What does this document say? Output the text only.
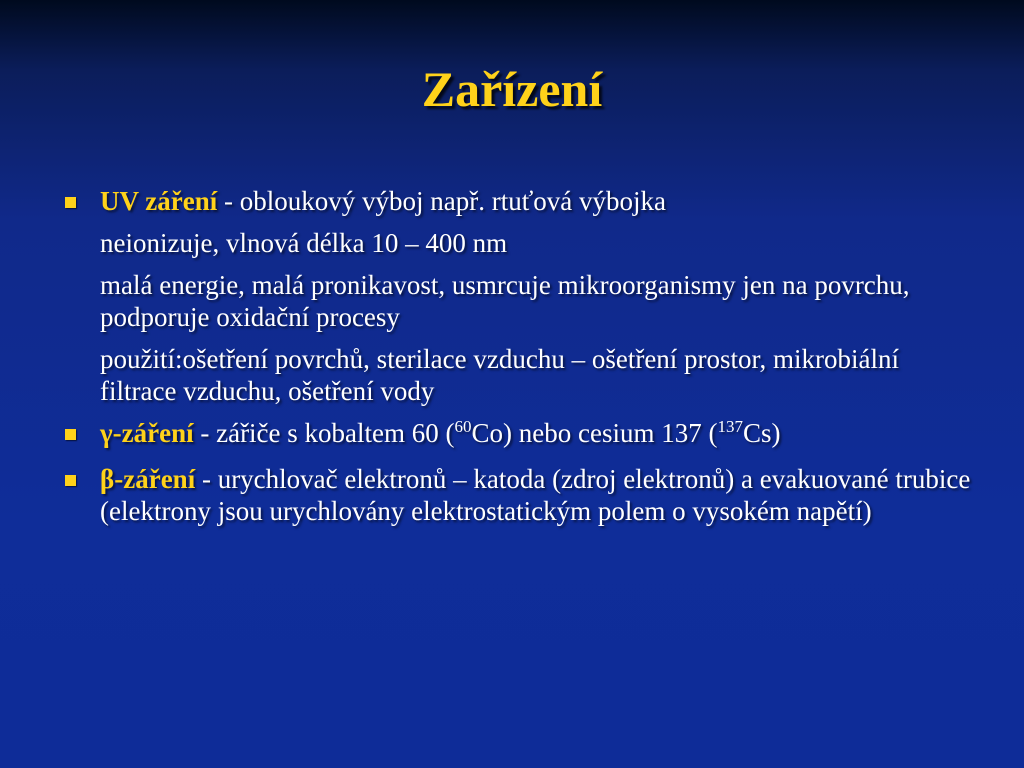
Zařízení
UV záření - obloukový výboj např. rtuťová výbojka
neionizuje, vlnová délka 10 – 400 nm
malá energie, malá pronikavost, usmrcuje mikroorganismy jen na povrchu, podporuje oxidační procesy
použití:ošetření povrchů, sterilace vzduchu – ošetření prostor, mikrobiální filtrace vzduchu, ošetření vody
γ-záření - zářiče s kobaltem 60 ($^{60}$Co) nebo cesium 137 ($^{137}$Cs)
β-záření - urychlovač elektronů – katoda (zdroj elektronů) a evakuované trubice (elektrony jsou urychlovány elektrostatickým polem o vysokém napětí)
